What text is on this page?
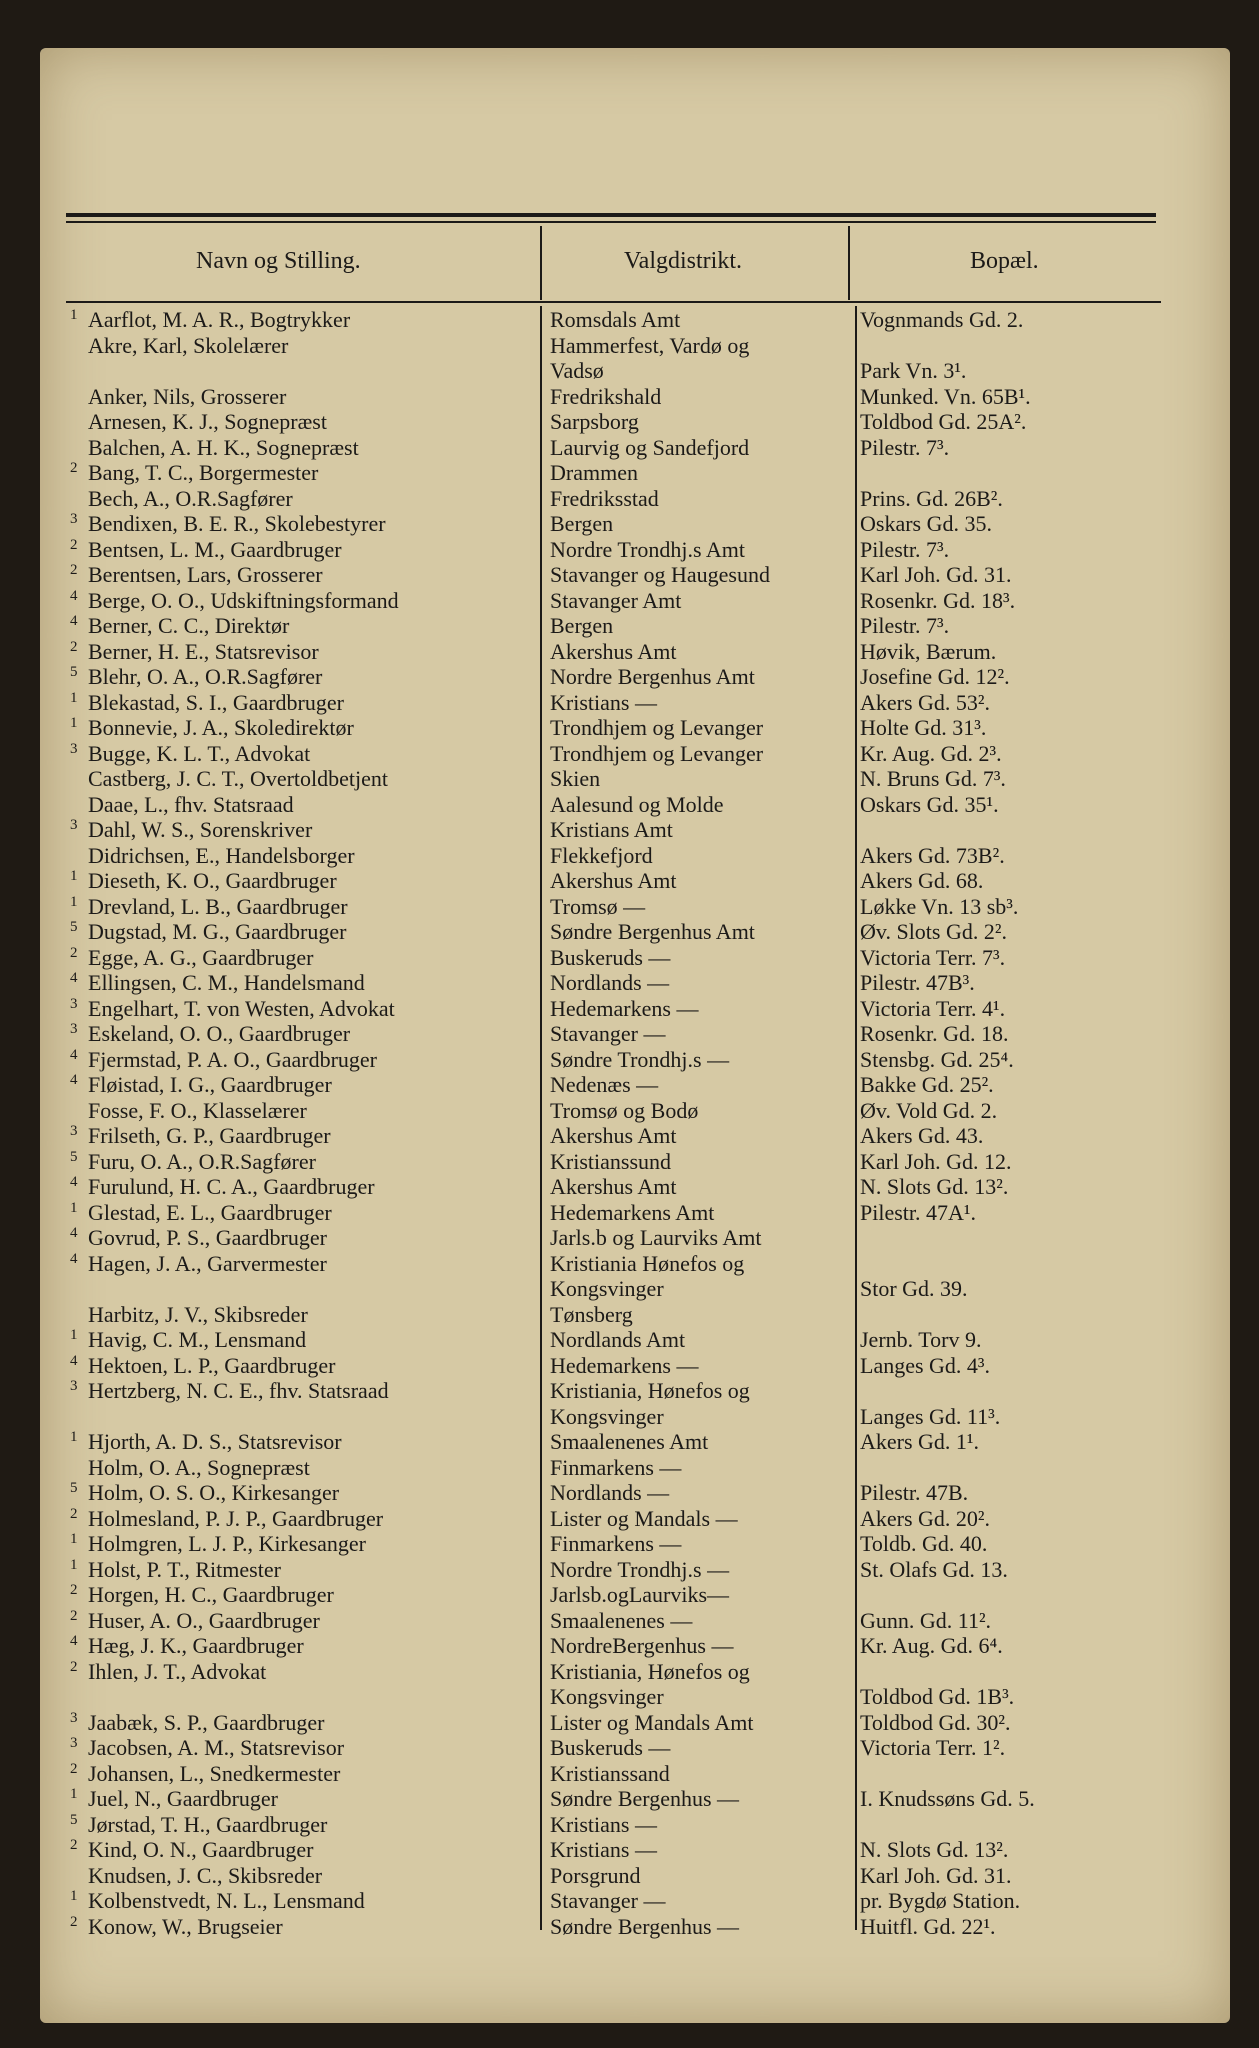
Navn og Stilling.	Valgdistrikt.	Bopæl.
1 Aarflot, M. A. R., Bogtrykker	Romsdals Amt	Vognmands Gd. 2.
Akre, Karl, Skolelærer	Hammerfest, Vardø og
Vadsø	Park Vn. 3¹.
Anker, Nils, Grosserer	Fredrikshald	Munked. Vn. 65B¹.
Arnesen, K. J., Sognepræst	Sarpsborg	Toldbod Gd. 25A².
Balchen, A. H. K., Sognepræst	Laurvig og Sandefjord	Pilestr. 7³.
2 Bang, T. C., Borgermester	Drammen
Bech, A., O.R.Sagfører	Fredriksstad	Prins. Gd. 26B².
3 Bendixen, B. E. R., Skolebestyrer	Bergen	Oskars Gd. 35.
2 Bentsen, L. M., Gaardbruger	Nordre Trondhj.s Amt	Pilestr. 7³.
2 Berentsen, Lars, Grosserer	Stavanger og Haugesund	Karl Joh. Gd. 31.
4 Berge, O. O., Udskiftningsformand	Stavanger Amt	Rosenkr. Gd. 18³.
4 Berner, C. C., Direktør	Bergen	Pilestr. 7³.
2 Berner, H. E., Statsrevisor	Akershus Amt	Høvik, Bærum.
5 Blehr, O. A., O.R.Sagfører	Nordre Bergenhus Amt	Josefine Gd. 12².
1 Blekastad, S. I., Gaardbruger	Kristians —	Akers Gd. 53².
1 Bonnevie, J. A., Skoledirektør	Trondhjem og Levanger	Holte Gd. 31³.
3 Bugge, K. L. T., Advokat	Trondhjem og Levanger	Kr. Aug. Gd. 2³.
Castberg, J. C. T., Overtoldbetjent	Skien	N. Bruns Gd. 7³.
Daae, L., fhv. Statsraad	Aalesund og Molde	Oskars Gd. 35¹.
3 Dahl, W. S., Sorenskriver	Kristians Amt
Didrichsen, E., Handelsborger	Flekkefjord	Akers Gd. 73B².
1 Dieseth, K. O., Gaardbruger	Akershus Amt	Akers Gd. 68.
1 Drevland, L. B., Gaardbruger	Tromsø —	Løkke Vn. 13 sb³.
5 Dugstad, M. G., Gaardbruger	Søndre Bergenhus Amt	Øv. Slots Gd. 2².
2 Egge, A. G., Gaardbruger	Buskeruds —	Victoria Terr. 7³.
4 Ellingsen, C. M., Handelsmand	Nordlands —	Pilestr. 47B³.
3 Engelhart, T. von Westen, Advokat	Hedemarkens —	Victoria Terr. 4¹.
3 Eskeland, O. O., Gaardbruger	Stavanger —	Rosenkr. Gd. 18.
4 Fjermstad, P. A. O., Gaardbruger	Søndre Trondhj.s —	Stensbg. Gd. 25⁴.
4 Fløistad, I. G., Gaardbruger	Nedenæs —	Bakke Gd. 25².
Fosse, F. O., Klasselærer	Tromsø og Bodø	Øv. Vold Gd. 2.
3 Frilseth, G. P., Gaardbruger	Akershus Amt	Akers Gd. 43.
5 Furu, O. A., O.R.Sagfører	Kristianssund	Karl Joh. Gd. 12.
4 Furulund, H. C. A., Gaardbruger	Akershus Amt	N. Slots Gd. 13².
1 Glestad, E. L., Gaardbruger	Hedemarkens Amt	Pilestr. 47A¹.
4 Govrud, P. S., Gaardbruger	Jarls.b og Laurviks Amt
4 Hagen, J. A., Garvermester	Kristiania Hønefos og
Kongsvinger	Stor Gd. 39.
Harbitz, J. V., Skibsreder	Tønsberg
1 Havig, C. M., Lensmand	Nordlands Amt	Jernb. Torv 9.
4 Hektoen, L. P., Gaardbruger	Hedemarkens —	Langes Gd. 4³.
3 Hertzberg, N. C. E., fhv. Statsraad	Kristiania, Hønefos og
Kongsvinger	Langes Gd. 11³.
1 Hjorth, A. D. S., Statsrevisor	Smaalenenes Amt	Akers Gd. 1¹.
Holm, O. A., Sognepræst	Finmarkens —
5 Holm, O. S. O., Kirkesanger	Nordlands —	Pilestr. 47B.
2 Holmesland, P. J. P., Gaardbruger	Lister og Mandals —	Akers Gd. 20².
1 Holmgren, L. J. P., Kirkesanger	Finmarkens —	Toldb. Gd. 40.
1 Holst, P. T., Ritmester	Nordre Trondhj.s —	St. Olafs Gd. 13.
2 Horgen, H. C., Gaardbruger	Jarlsb.ogLaurviks—
2 Huser, A. O., Gaardbruger	Smaalenenes —	Gunn. Gd. 11².
4 Hæg, J. K., Gaardbruger	NordreBergenhus —	Kr. Aug. Gd. 6⁴.
2 Ihlen, J. T., Advokat	Kristiania, Hønefos og
Kongsvinger	Toldbod Gd. 1B³.
3 Jaabæk, S. P., Gaardbruger	Lister og Mandals Amt	Toldbod Gd. 30².
3 Jacobsen, A. M., Statsrevisor	Buskeruds —	Victoria Terr. 1².
2 Johansen, L., Snedkermester	Kristianssand
1 Juel, N., Gaardbruger	Søndre Bergenhus —	I. Knudssøns Gd. 5.
5 Jørstad, T. H., Gaardbruger	Kristians —
2 Kind, O. N., Gaardbruger	Kristians —	N. Slots Gd. 13².
Knudsen, J. C., Skibsreder	Porsgrund	Karl Joh. Gd. 31.
1 Kolbenstvedt, N. L., Lensmand	Stavanger —	pr. Bygdø Station.
2 Konow, W., Brugseier	Søndre Bergenhus —	Huitfl. Gd. 22¹.
